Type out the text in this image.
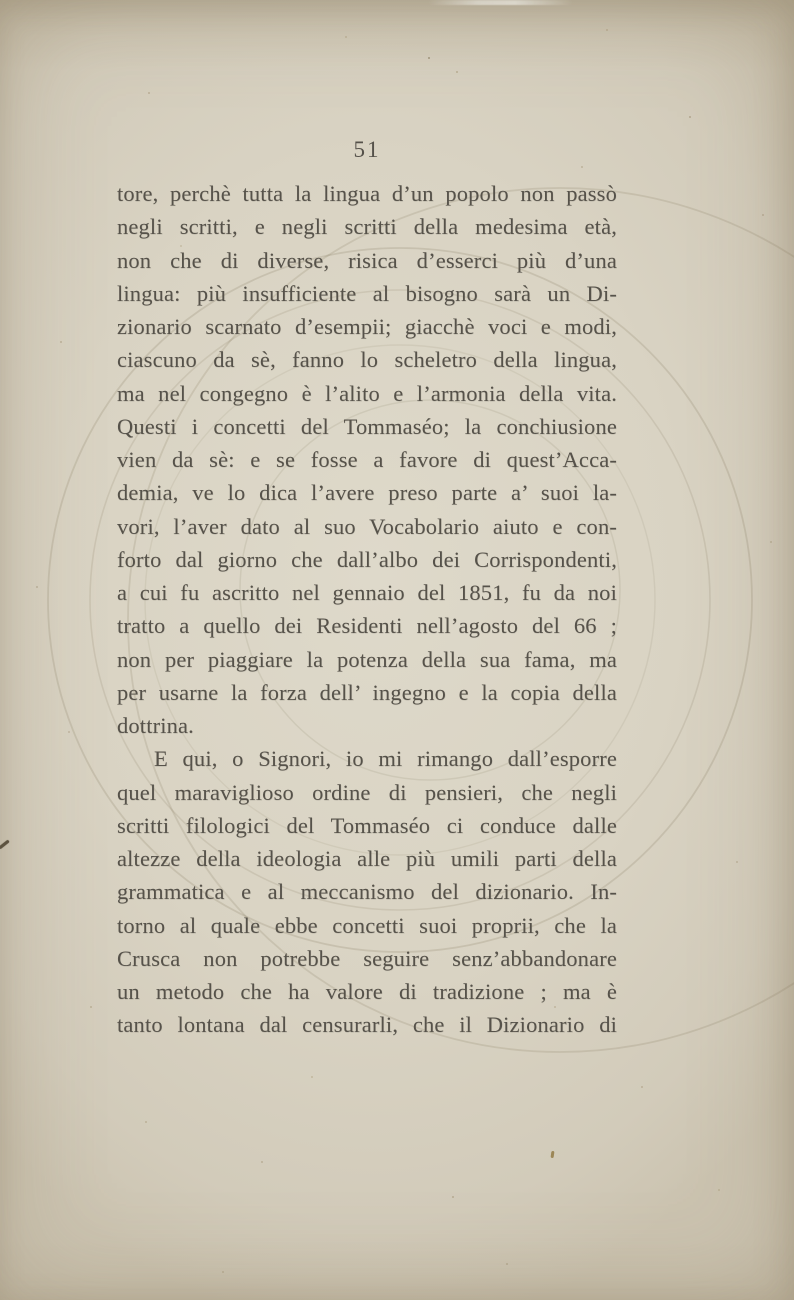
51
tore, perchè tutta la lingua d’un popolo non passò
negli scritti, e negli scritti della medesima età,
non che di diverse, risica d’esserci più d’una
lingua: più insufficiente al bisogno sarà un Di-
zionario scarnato d’esempii; giacchè voci e modi,
ciascuno da sè, fanno lo scheletro della lingua,
ma nel congegno è l’alito e l’armonia della vita.
Questi i concetti del Tommaséo; la conchiusione
vien da sè: e se fosse a favore di quest’Acca-
demia, ve lo dica l’avere preso parte a’ suoi la-
vori, l’aver dato al suo Vocabolario aiuto e con-
forto dal giorno che dall’albo dei Corrispondenti,
a cui fu ascritto nel gennaio del 1851, fu da noi
tratto a quello dei Residenti nell’agosto del 66 ;
non per piaggiare la potenza della sua fama, ma
per usarne la forza dell’ ingegno e la copia della
dottrina.
E qui, o Signori, io mi rimango dall’esporre
quel maraviglioso ordine di pensieri, che negli
scritti filologici del Tommaséo ci conduce dalle
altezze della ideologia alle più umili parti della
grammatica e al meccanismo del dizionario. In-
torno al quale ebbe concetti suoi proprii, che la
Crusca non potrebbe seguire senz’abbandonare
un metodo che ha valore di tradizione ; ma è
tanto lontana dal censurarli, che il Dizionario di
